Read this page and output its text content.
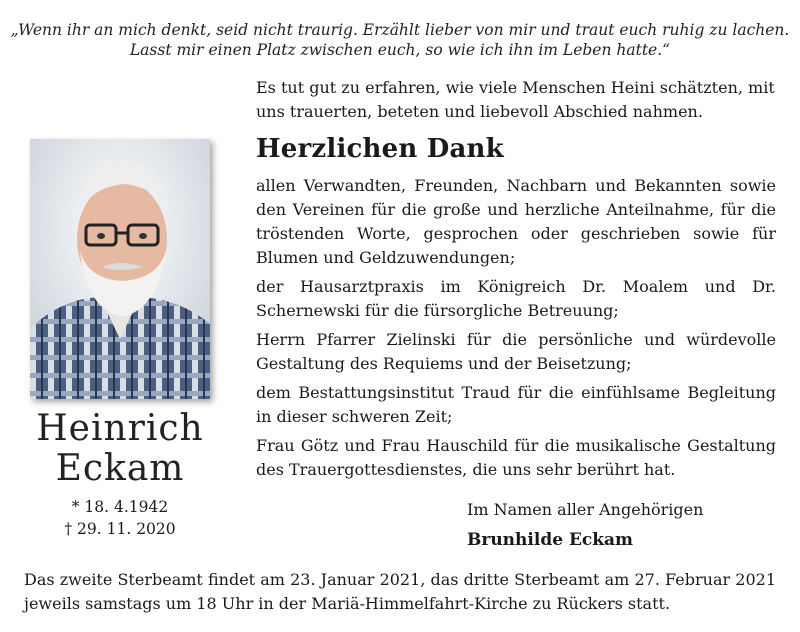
„Wenn ihr an mich denkt, seid nicht traurig. Erzählt lieber von mir und traut euch ruhig zu lachen.
Lasst mir einen Platz zwischen euch, so wie ich ihn im Leben hatte.“
Es tut gut zu erfahren, wie viele Menschen Heini schätzten, mit uns trauerten, beteten und liebevoll Abschied nahmen.
Herzlichen Dank

allen Verwandten, Freunden, Nachbarn und Bekannten sowie den Vereinen für die große und herzliche Anteilnahme, für die tröstenden Worte, gesprochen oder geschrieben sowie für Blumen und Geldzuwendungen;

der Hausarztpraxis im Königreich Dr. Moalem und Dr. Schernewski für die fürsorgliche Betreuung;

Herrn Pfarrer Zielinski für die persönliche und würdevolle Gestaltung des Requiems und der Beisetzung;

dem Bestattungsinstitut Traud für die einfühlsame Begleitung in dieser schweren Zeit;

Frau Götz und Frau Hauschild für die musikalische Gestaltung des Trauergottesdienstes, die uns sehr berührt hat.

Heinrich
Eckam
* 18. 4.1942
† 29. 11. 2020
Im Namen aller Angehörigen
Brunhilde Eckam
Das zweite Sterbeamt findet am 23. Januar 2021, das dritte Sterbeamt am 27. Februar 2021 jeweils samstags um 18 Uhr in der Mariä-Himmelfahrt-Kirche zu Rückers statt.
